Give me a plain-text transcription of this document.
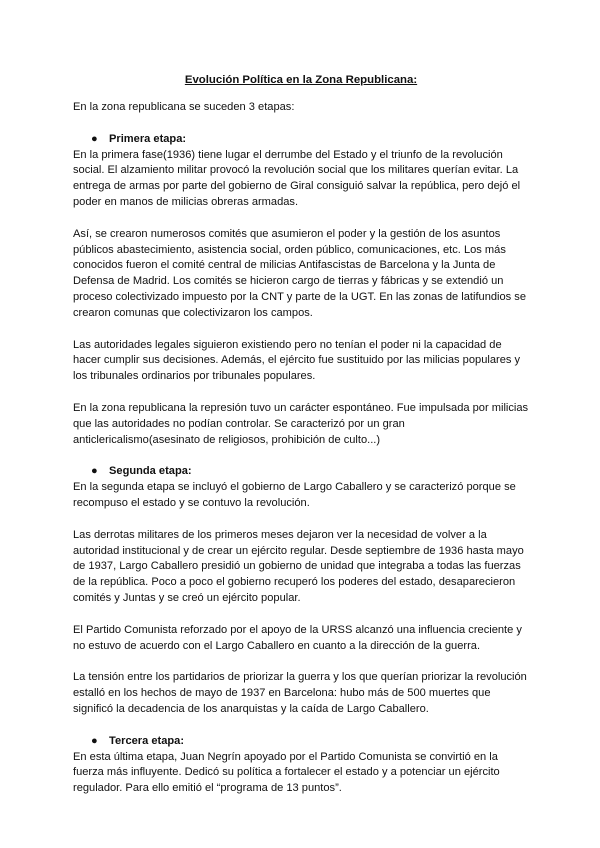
Evolución Política en la Zona Republicana:

En la zona republicana se suceden 3 etapas:

● Primera etapa:

En la primera fase(1936) tiene lugar el derrumbe del Estado y el triunfo de la revolución social. El alzamiento militar provocó la revolución social que los militares querían evitar. La entrega de armas por parte del gobierno de Giral consiguió salvar la república, pero dejó el poder en manos de milicias obreras armadas.

Así, se crearon numerosos comités que asumieron el poder y la gestión de los asuntos públicos abastecimiento, asistencia social, orden público, comunicaciones, etc. Los más conocidos fueron el comité central de milicias Antifascistas de Barcelona y la Junta de Defensa de Madrid. Los comités se hicieron cargo de tierras y fábricas y se extendió un proceso colectivizado impuesto por la CNT y parte de la UGT. En las zonas de latifundios se crearon comunas que colectivizaron los campos.

Las autoridades legales siguieron existiendo pero no tenían el poder ni la capacidad de hacer cumplir sus decisiones. Además, el ejército fue sustituido por las milicias populares y los tribunales ordinarios por tribunales populares.

En la zona republicana la represión tuvo un carácter espontáneo. Fue impulsada por milicias que las autoridades no podían controlar. Se caracterizó por un gran anticlericalismo(asesinato de religiosos, prohibición de culto...)

● Segunda etapa:

En la segunda etapa se incluyó el gobierno de Largo Caballero y se caracterizó porque se recompuso el estado y se contuvo la revolución.

Las derrotas militares de los primeros meses dejaron ver la necesidad de volver a la autoridad institucional y de crear un ejército regular. Desde septiembre de 1936 hasta mayo de 1937, Largo Caballero presidió un gobierno de unidad que integraba a todas las fuerzas de la república. Poco a poco el gobierno recuperó los poderes del estado, desaparecieron comités y Juntas y se creó un ejército popular.

El Partido Comunista reforzado por el apoyo de la URSS alcanzó una influencia creciente y no estuvo de acuerdo con el Largo Caballero en cuanto a la dirección de la guerra.

La tensión entre los partidarios de priorizar la guerra y los que querían priorizar la revolución estalló en los hechos de mayo de 1937 en Barcelona: hubo más de 500 muertes que significó la decadencia de los anarquistas y la caída de Largo Caballero.

● Tercera etapa:

En esta última etapa, Juan Negrín apoyado por el Partido Comunista se convirtió en la fuerza más influyente. Dedicó su política a fortalecer el estado y a potenciar un ejército regulador. Para ello emitió el “programa de 13 puntos”.
